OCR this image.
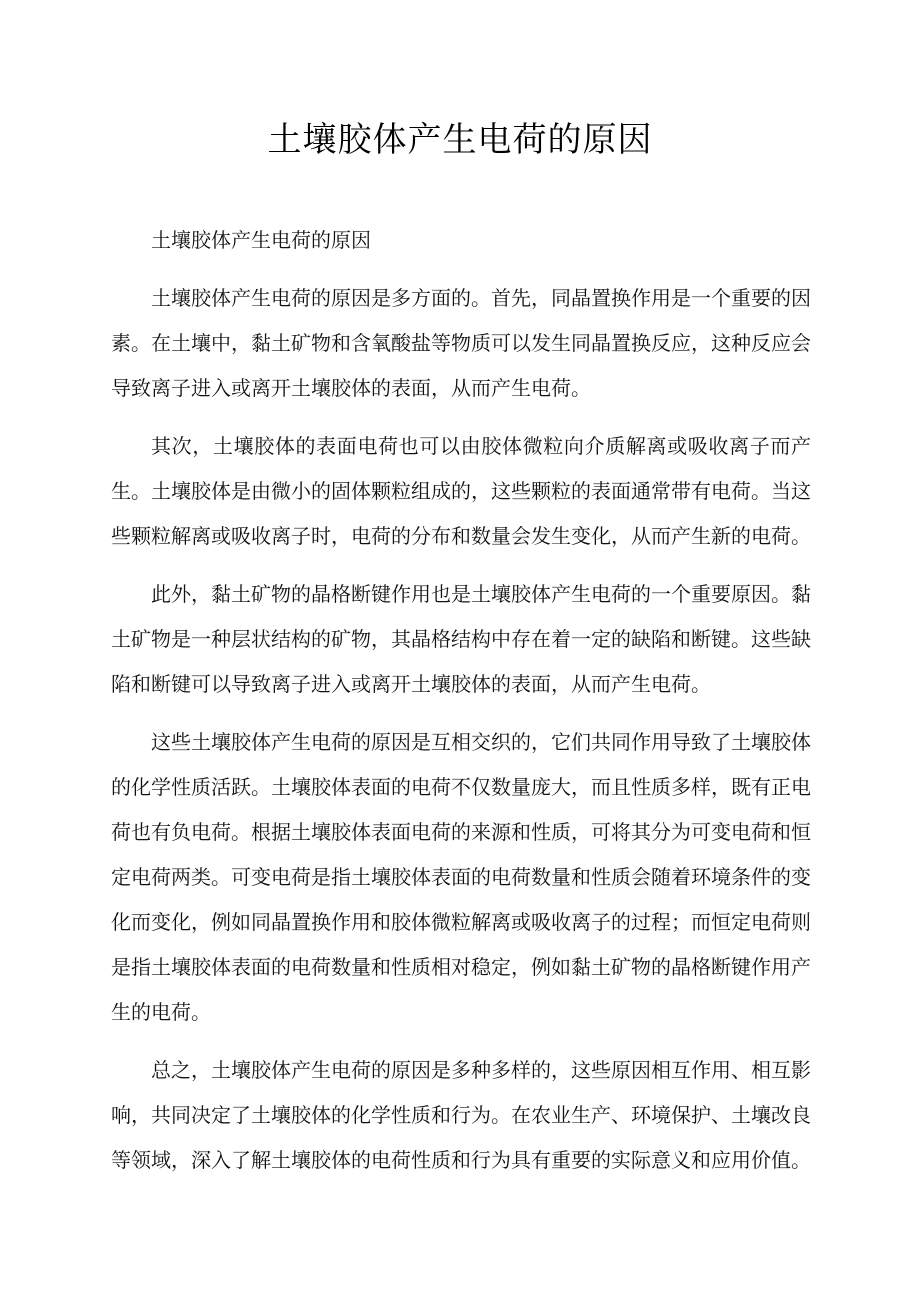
土壤胶体产生电荷的原因

土壤胶体产生电荷的原因

土壤胶体产生电荷的原因是多方面的。首先，同晶置换作用是一个重要的因素。在土壤中，黏土矿物和含氧酸盐等物质可以发生同晶置换反应，这种反应会导致离子进入或离开土壤胶体的表面，从而产生电荷。

其次，土壤胶体的表面电荷也可以由胶体微粒向介质解离或吸收离子而产生。土壤胶体是由微小的固体颗粒组成的，这些颗粒的表面通常带有电荷。当这些颗粒解离或吸收离子时，电荷的分布和数量会发生变化，从而产生新的电荷。

此外，黏土矿物的晶格断键作用也是土壤胶体产生电荷的一个重要原因。黏土矿物是一种层状结构的矿物，其晶格结构中存在着一定的缺陷和断键。这些缺陷和断键可以导致离子进入或离开土壤胶体的表面，从而产生电荷。

这些土壤胶体产生电荷的原因是互相交织的，它们共同作用导致了土壤胶体的化学性质活跃。土壤胶体表面的电荷不仅数量庞大，而且性质多样，既有正电荷也有负电荷。根据土壤胶体表面电荷的来源和性质，可将其分为可变电荷和恒定电荷两类。可变电荷是指土壤胶体表面的电荷数量和性质会随着环境条件的变化而变化，例如同晶置换作用和胶体微粒解离或吸收离子的过程；而恒定电荷则是指土壤胶体表面的电荷数量和性质相对稳定，例如黏土矿物的晶格断键作用产生的电荷。

总之，土壤胶体产生电荷的原因是多种多样的，这些原因相互作用、相互影响，共同决定了土壤胶体的化学性质和行为。在农业生产、环境保护、土壤改良等领域，深入了解土壤胶体的电荷性质和行为具有重要的实际意义和应用价值。
